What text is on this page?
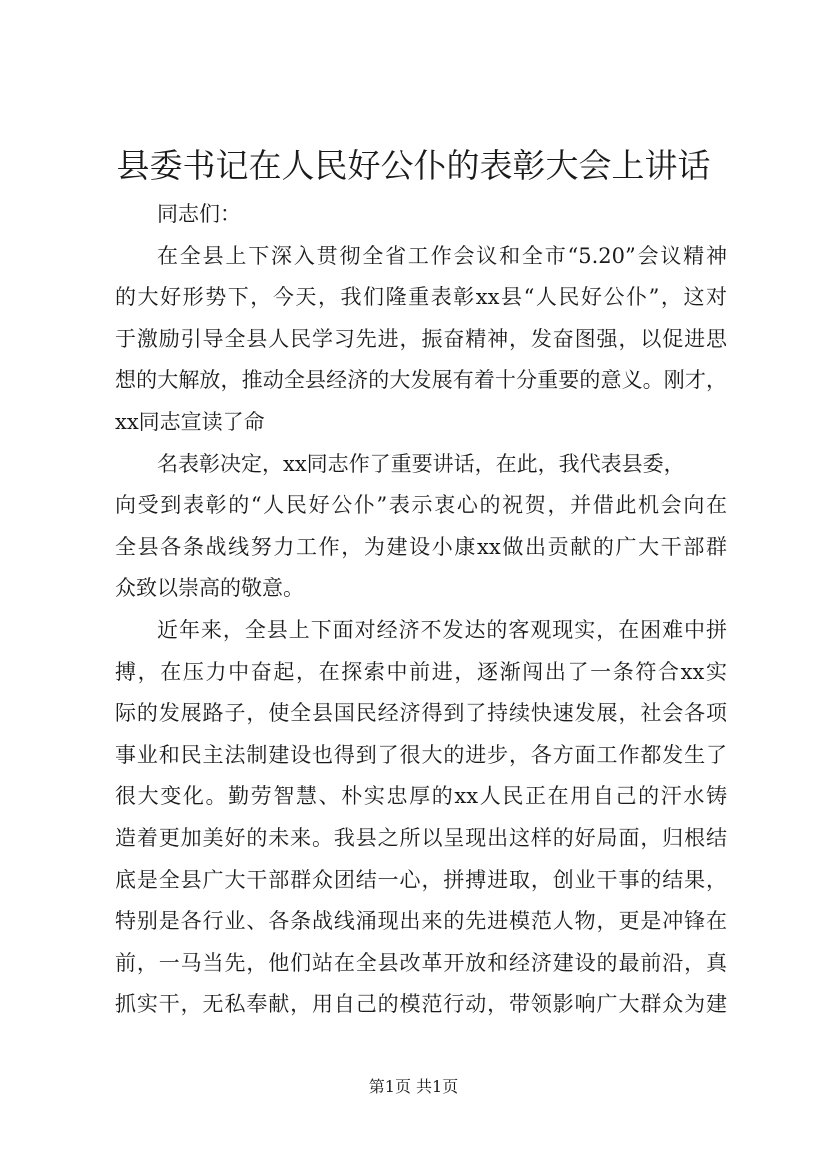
县委书记在人民好公仆的表彰大会上讲话
同志们：
在全县上下深入贯彻全省工作会议和全市“5.20”会议精神
的大好形势下，今天，我们隆重表彰xx县“人民好公仆”，这对
于激励引导全县人民学习先进，振奋精神，发奋图强，以促进思
想的大解放，推动全县经济的大发展有着十分重要的意义。刚才，
xx同志宣读了命
名表彰决定，xx同志作了重要讲话，在此，我代表县委，
向受到表彰的“人民好公仆”表示衷心的祝贺，并借此机会向在
全县各条战线努力工作，为建设小康xx做出贡献的广大干部群
众致以崇高的敬意。
近年来，全县上下面对经济不发达的客观现实，在困难中拼
搏，在压力中奋起，在探索中前进，逐渐闯出了一条符合xx实
际的发展路子，使全县国民经济得到了持续快速发展，社会各项
事业和民主法制建设也得到了很大的进步，各方面工作都发生了
很大变化。勤劳智慧、朴实忠厚的xx人民正在用自己的汗水铸
造着更加美好的未来。我县之所以呈现出这样的好局面，归根结
底是全县广大干部群众团结一心，拼搏进取，创业干事的结果，
特别是各行业、各条战线涌现出来的先进模范人物，更是冲锋在
前，一马当先，他们站在全县改革开放和经济建设的最前沿，真
抓实干，无私奉献，用自己的模范行动，带领影响广大群众为建
第1页 共1页
